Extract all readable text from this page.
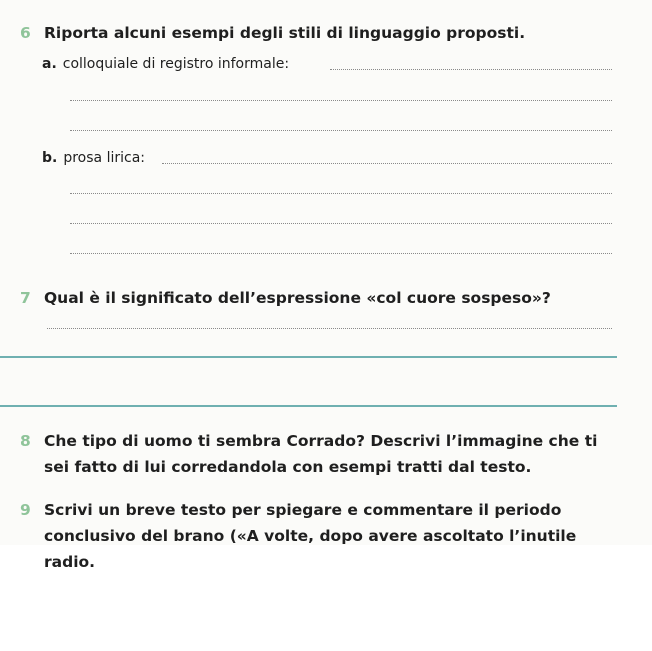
6 Riporta alcuni esempi degli stili di linguaggio proposti.
a. colloquiale di registro informale:
b. prosa lirica:
7 Qual è il significato dell’espressione «col cuore sospeso»?
8 Che tipo di uomo ti sembra Corrado? Descrivi l’immagine che ti sei fatto di lui corredandola con esempi tratti dal testo.
9 Scrivi un breve testo per spiegare e commentare il periodo conclusivo del brano («A volte, dopo avere ascoltato l’inutile radio.
